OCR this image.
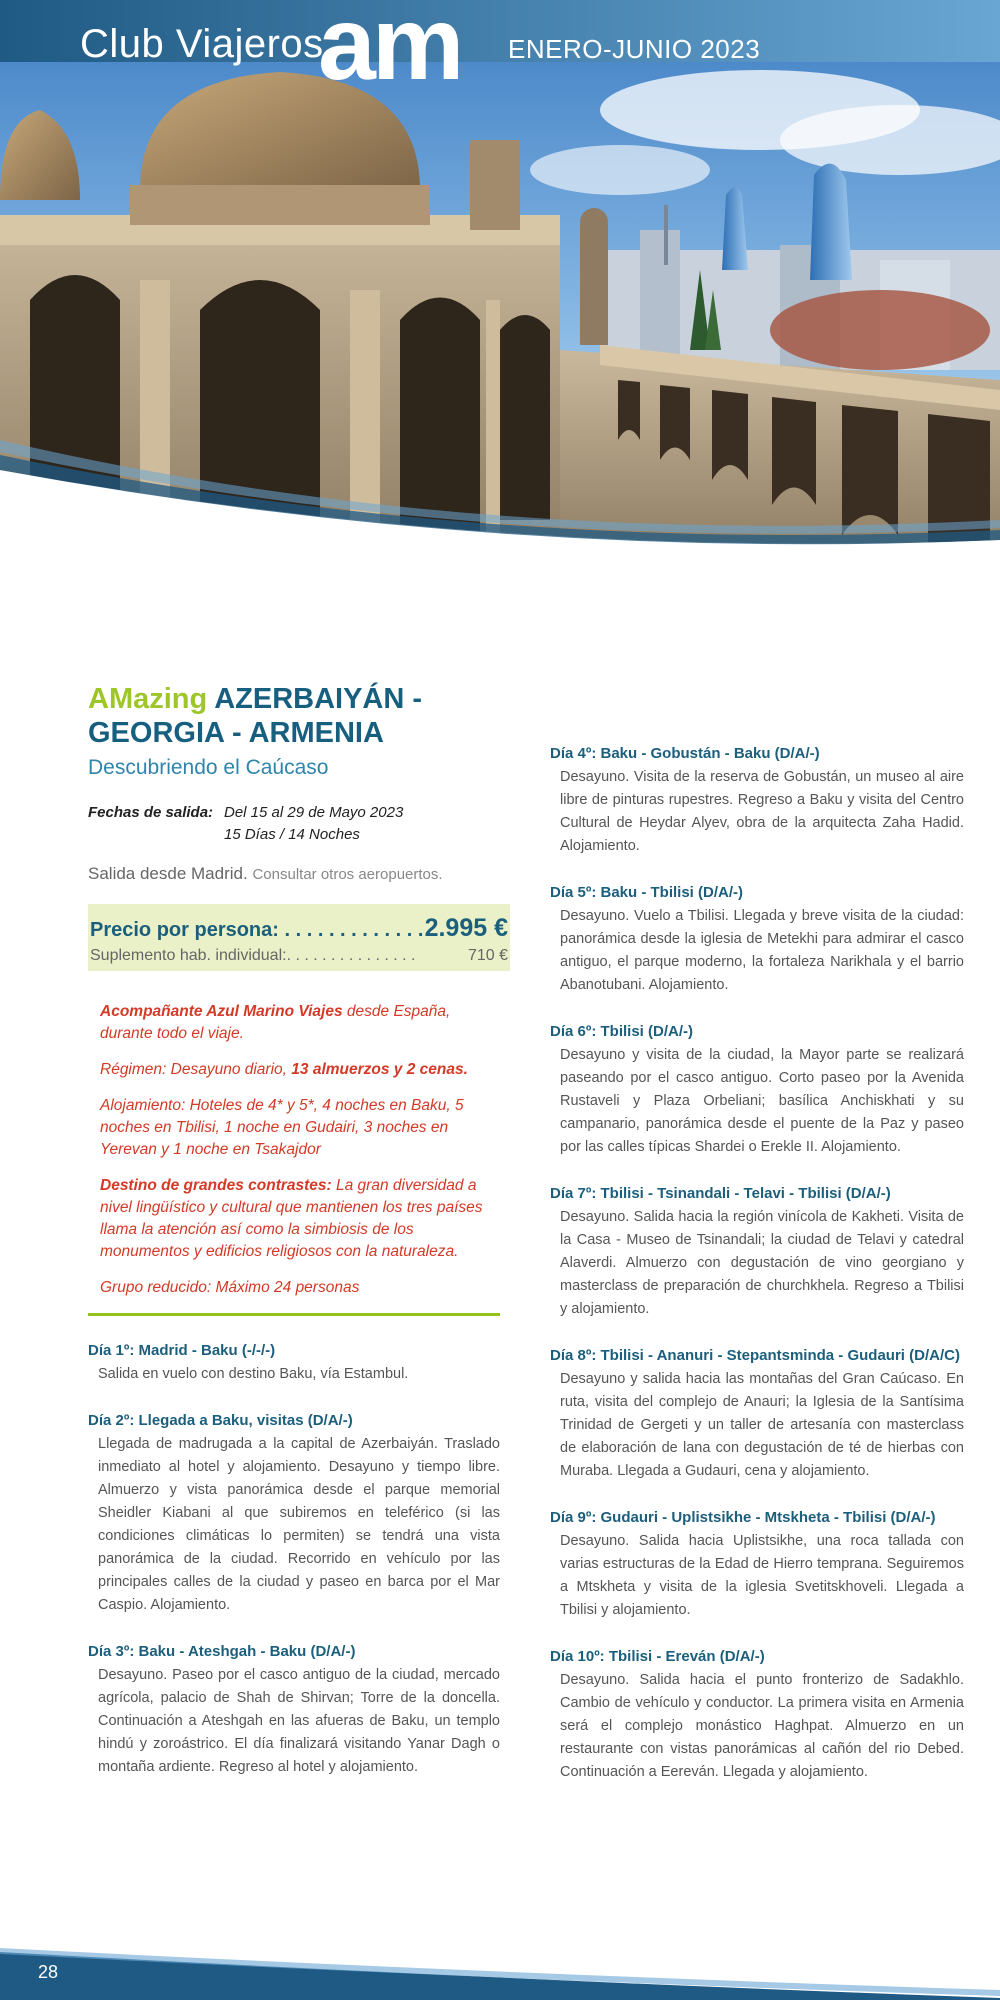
Club Viajeros
am ENERO-JUNIO 2023
AMazing AZERBAIYÁN -
GEORGIA - ARMENIA
Descubriendo el Caúcaso
Fechas de salida: Del 15 al 29 de Mayo 2023
15 Días / 14 Noches
Salida desde Madrid. Consultar otros aeropuertos.
Precio por persona: . . . . . . . . . . . . . 2.995 €
Suplemento hab. individual:. . . . . . . . . . . . . . .	710 €

Acompañante Azul Marino Viajes desde España, durante todo el viaje.

Régimen: Desayuno diario, 13 almuerzos y 2 cenas.

Alojamiento: Hoteles de 4* y 5*, 4 noches en Baku, 5 noches en Tbilisi, 1 noche en Gudairi, 3 noches en Yerevan y 1 noche en Tsakajdor

Destino de grandes contrastes: La gran diversidad a nivel lingüístico y cultural que mantienen los tres países llama la atención así como la simbiosis de los monumentos y edificios religiosos con la naturaleza.

Grupo reducido: Máximo 24 personas

Día 1º: Madrid - Baku (-/-/-)
Salida en vuelo con destino Baku, vía Estambul.
Día 2º: Llegada a Baku, visitas (D/A/-)
Llegada de madrugada a la capital de Azerbaiyán. Traslado inmediato al hotel y alojamiento. Desayuno y tiempo libre. Almuerzo y vista panorámica desde el parque memorial Sheidler Kiabani al que subiremos en teleférico (si las condiciones climáticas lo permiten) se tendrá una vista panorámica de la ciudad. Recorrido en vehículo por las principales calles de la ciudad y paseo en barca por el Mar Caspio. Alojamiento.
Día 3º: Baku - Ateshgah - Baku (D/A/-)
Desayuno. Paseo por el casco antiguo de la ciudad, mercado agrícola, palacio de Shah de Shirvan; Torre de la doncella. Continuación a Ateshgah en las afueras de Baku, un templo hindú y zoroástrico. El día finalizará visitando Yanar Dagh o montaña ardiente. Regreso al hotel y alojamiento.
Día 4º: Baku - Gobustán - Baku (D/A/-)
Desayuno. Visita de la reserva de Gobustán, un museo al aire libre de pinturas rupestres. Regreso a Baku y visita del Centro Cultural de Heydar Alyev, obra de la arquitecta Zaha Hadid. Alojamiento.
Día 5º: Baku - Tbilisi (D/A/-)
Desayuno. Vuelo a Tbilisi. Llegada y breve visita de la ciudad: panorámica desde la iglesia de Metekhi para admirar el casco antiguo, el parque moderno, la fortaleza Narikhala y el barrio Abanotubani. Alojamiento.
Día 6º: Tbilisi (D/A/-)
Desayuno y visita de la ciudad, la Mayor parte se realizará paseando por el casco antiguo. Corto paseo por la Avenida Rustaveli y Plaza Orbeliani; basílica Anchiskhati y su campanario, panorámica desde el puente de la Paz y paseo por las calles típicas Shardei o Erekle II. Alojamiento.
Día 7º: Tbilisi - Tsinandali - Telavi - Tbilisi (D/A/-)
Desayuno. Salida hacia la región vinícola de Kakheti. Visita de la Casa - Museo de Tsinandali; la ciudad de Telavi y catedral Alaverdi. Almuerzo con degustación de vino georgiano y masterclass de preparación de churchkhela. Regreso a Tbilisi y alojamiento.
Día 8º: Tbilisi - Ananuri - Stepantsminda - Gudauri (D/A/C)
Desayuno y salida hacia las montañas del Gran Caúcaso. En ruta, visita del complejo de Anauri; la Iglesia de la Santísima Trinidad de Gergeti y un taller de artesanía con masterclass de elaboración de lana con degustación de té de hierbas con Muraba. Llegada a Gudauri, cena y alojamiento.
Día 9º: Gudauri - Uplistsikhe - Mtskheta - Tbilisi (D/A/-)
Desayuno. Salida hacia Uplistsikhe, una roca tallada con varias estructuras de la Edad de Hierro temprana. Seguiremos a Mtskheta y visita de la iglesia Svetitskhoveli. Llegada a Tbilisi y alojamiento.
Día 10º: Tbilisi - Ereván (D/A/-)
Desayuno. Salida hacia el punto fronterizo de Sadakhlo. Cambio de vehículo y conductor. La primera visita en Armenia será el complejo monástico Haghpat. Almuerzo en un restaurante con vistas panorámicas al cañón del rio Debed. Continuación a Eereván. Llegada y alojamiento.
28
